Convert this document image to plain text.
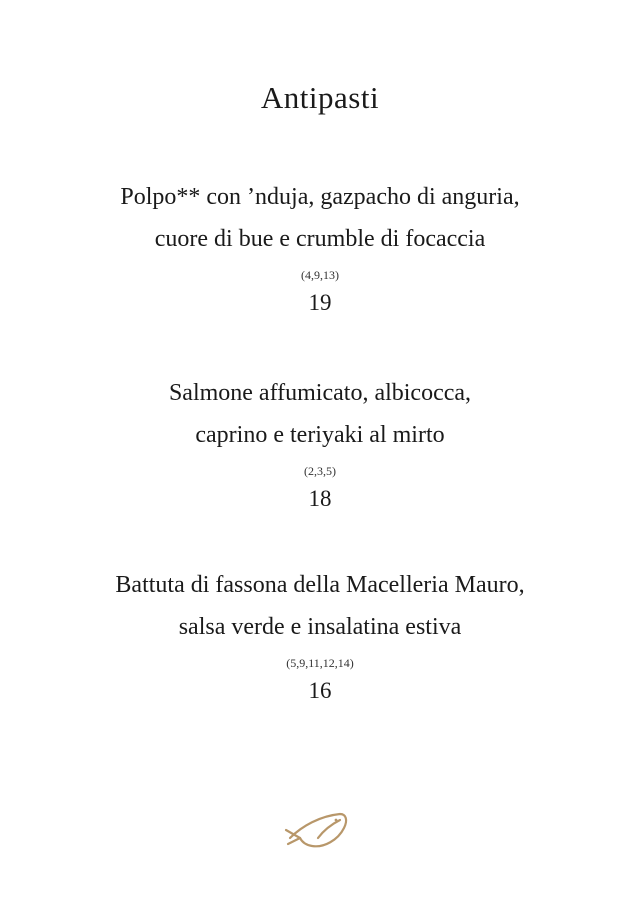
Antipasti

Polpo** con ’nduja, gazpacho di anguria,
cuore di bue e crumble di focaccia

(4,9,13)
19

Salmone affumicato, albicocca,
caprino e teriyaki al mirto

(2,3,5)
18

Battuta di fassona della Macelleria Mauro,
salsa verde e insalatina estiva

(5,9,11,12,14)
16
